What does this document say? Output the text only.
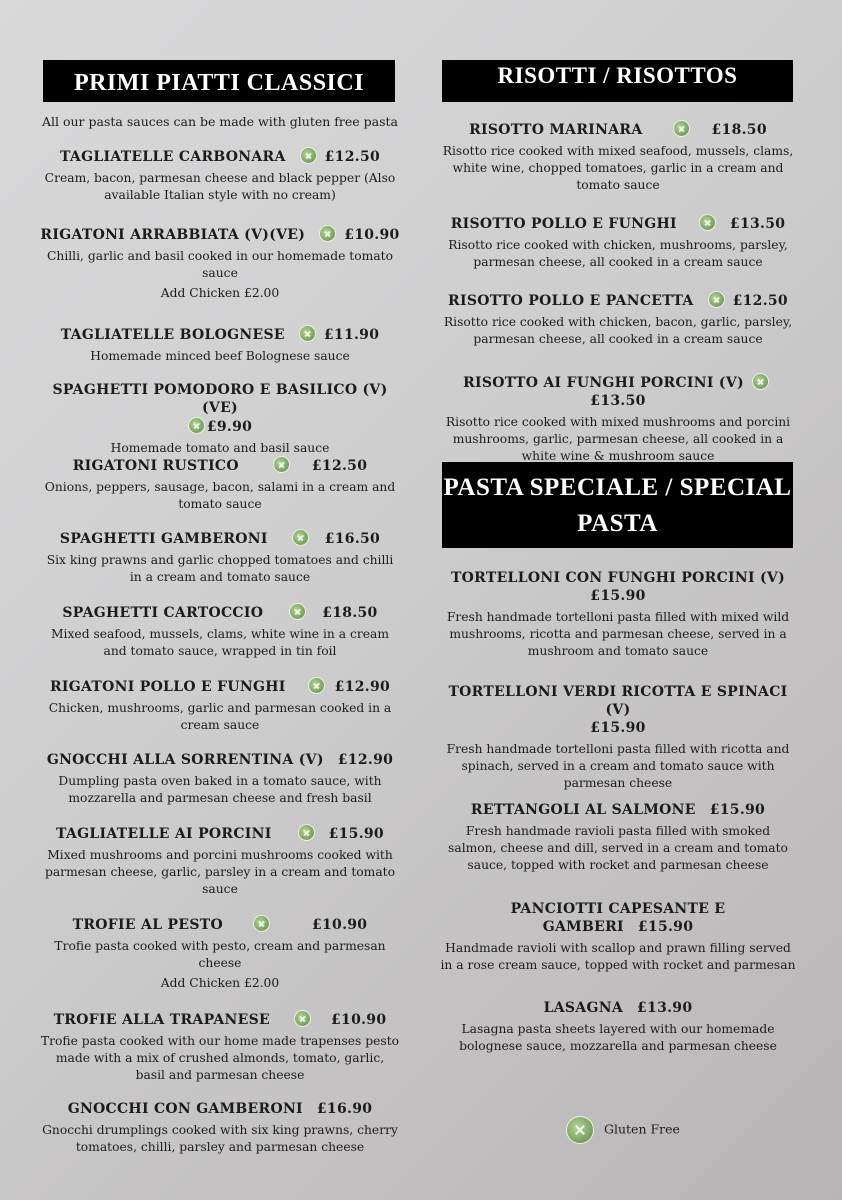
PRIMI PIATTI CLASSICI	RISOTTI / RISOTTOS
PASTA SPECIALE / SPECIAL PASTA
All our pasta sauces can be made with gluten free pasta
TAGLIATELLE CARBONARA	£12.50
Cream, bacon, parmesan cheese and black pepper (Also available Italian style with no cream)
RIGATONI ARRABBIATA (V)(VE)	£10.90
Chilli, garlic and basil cooked in our homemade tomato sauce
Add Chicken £2.00
TAGLIATELLE BOLOGNESE	£11.90
Homemade minced beef Bolognese sauce
SPAGHETTI POMODORO E BASILICO (V)(VE)
£9.90
Homemade tomato and basil sauce
RIGATONI RUSTICO	£12.50
Onions, peppers, sausage, bacon, salami in a cream and tomato sauce
SPAGHETTI GAMBERONI	£16.50
Six king prawns and garlic chopped tomatoes and chilli in a cream and tomato sauce
SPAGHETTI CARTOCCIO	£18.50
Mixed seafood, mussels, clams, white wine in a cream and tomato sauce, wrapped in tin foil
RIGATONI POLLO E FUNGHI	£12.90
Chicken, mushrooms, garlic and parmesan cooked in a cream sauce
GNOCCHI ALLA SORRENTINA (V) £12.90
Dumpling pasta oven baked in a tomato sauce, with mozzarella and parmesan cheese and fresh basil
TAGLIATELLE AI PORCINI	£15.90
Mixed mushrooms and porcini mushrooms cooked with parmesan cheese, garlic, parsley in a cream and tomato sauce
TROFIE AL PESTO	£10.90
Trofie pasta cooked with pesto, cream and parmesan cheese
Add Chicken £2.00
TROFIE ALLA TRAPANESE	£10.90
Trofie pasta cooked with our home made trapenses pesto made with a mix of crushed almonds, tomato, garlic, basil and parmesan cheese
GNOCCHI CON GAMBERONI £16.90
Gnocchi drumplings cooked with six king prawns, cherry tomatoes, chilli, parsley and parmesan cheese
RISOTTO MARINARA	£18.50
Risotto rice cooked with mixed seafood, mussels, clams, white wine, chopped tomatoes, garlic in a cream and tomato sauce
RISOTTO POLLO E FUNGHI	£13.50
Risotto rice cooked with chicken, mushrooms, parsley, parmesan cheese, all cooked in a cream sauce
RISOTTO POLLO E PANCETTA	£12.50
Risotto rice cooked with chicken, bacon, garlic, parsley, parmesan cheese, all cooked in a cream sauce
RISOTTO AI FUNGHI PORCINI (V)£13.50
Risotto rice cooked with mixed mushrooms and porcini mushrooms, garlic, parmesan cheese, all cooked in a white wine & mushroom sauce
TORTELLONI CON FUNGHI PORCINI (V)
£15.90
Fresh handmade tortelloni pasta filled with mixed wild mushrooms, ricotta and parmesan cheese, served in a mushroom and tomato sauce
TORTELLONI VERDI RICOTTA E SPINACI (V)
£15.90
Fresh handmade tortelloni pasta filled with ricotta and spinach, served in a cream and tomato sauce with parmesan cheese
RETTANGOLI AL SALMONE £15.90
Fresh handmade ravioli pasta filled with smoked salmon, cheese and dill, served in a cream and tomato sauce, topped with rocket and parmesan cheese
PANCIOTTI CAPESANTE E GAMBERI £15.90
Handmade ravioli with scallop and prawn filling served in a rose cream sauce, topped with rocket and parmesan
LASAGNA £13.90
Lasagna pasta sheets layered with our homemade bolognese sauce, mozzarella and parmesan cheese
Gluten Free
